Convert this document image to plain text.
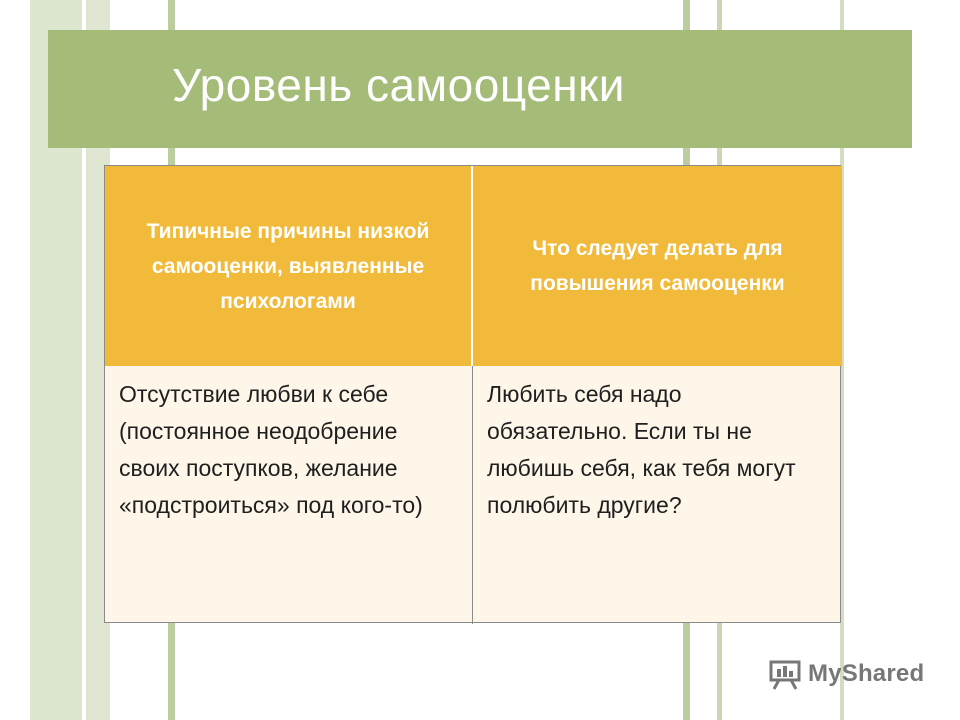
Уровень самооценки
Типичные причины низкой самооценки, выявленные психологами
Что следует делать для повышения самооценки
Отсутствие любви к себе (постоянное неодобрение своих поступков, желание «подстроиться» под кого-то)
Любить себя надо обязательно. Если ты не любишь себя, как тебя могут полюбить другие?
MyShared
